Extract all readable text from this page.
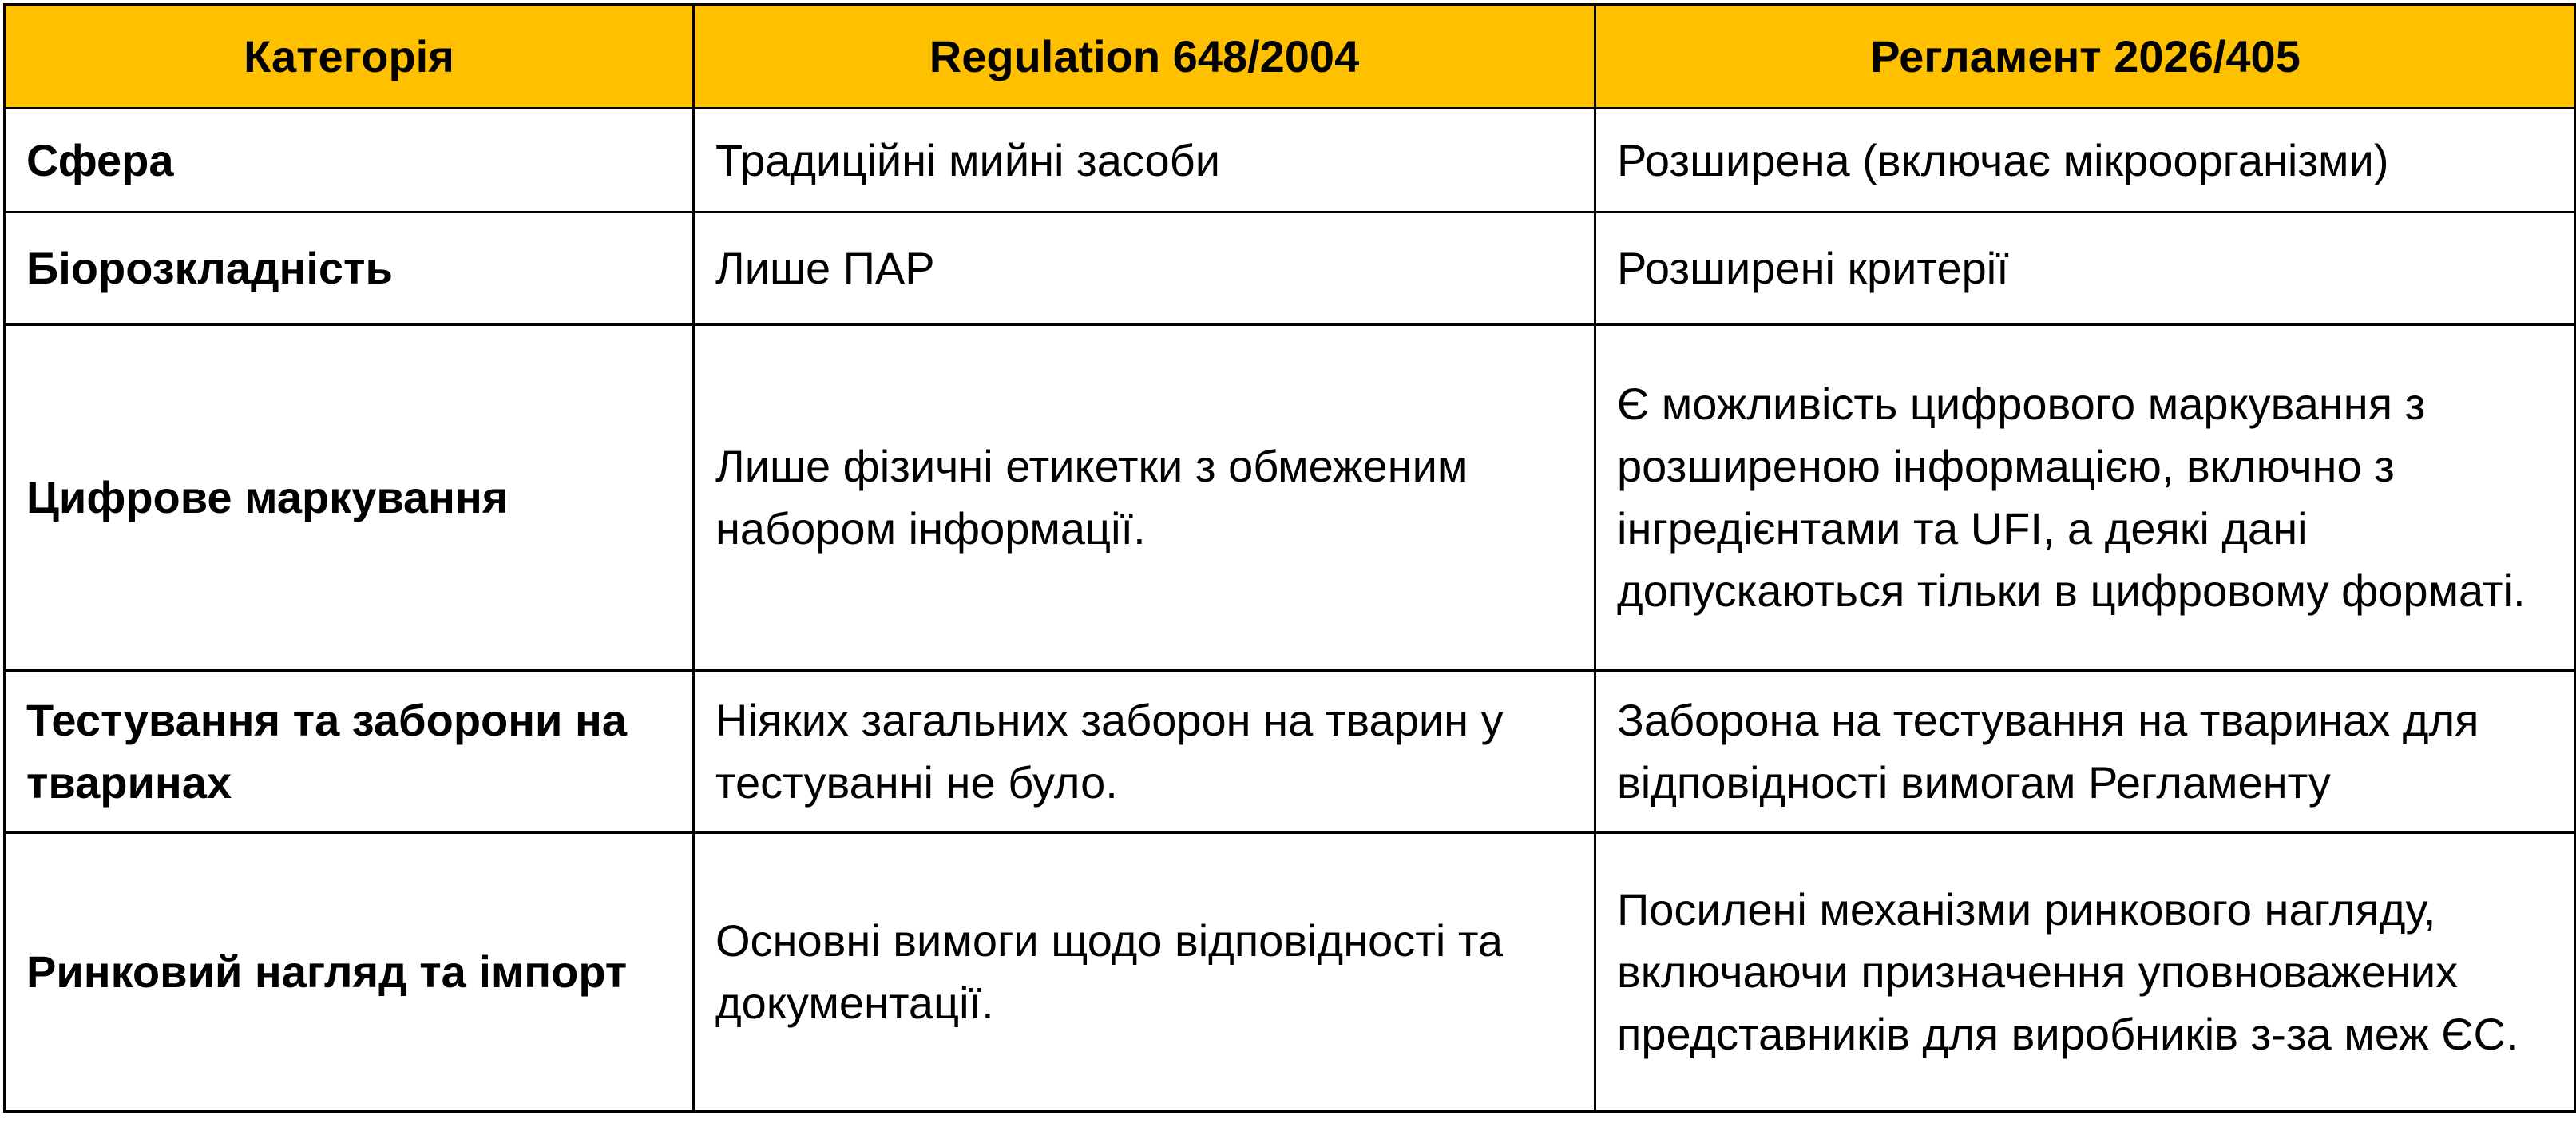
Категорія	Regulation 648/2004	Регламент 2026/405
Сфера	Традиційні мийні засоби	Розширена (включає мікроорганізми)
Біорозкладність	Лише ПАР	Розширені критерії
Цифрове маркування	Лише фізичні етикетки з обмеженим набором інформації.	Є можливість цифрового маркування з розширеною інформацією, включно з інгредієнтами та UFI, а деякі дані допускаються тільки в цифровому форматі.
Тестування та заборони на тваринах	Ніяких загальних заборон на тварин у тестуванні не було.	Заборона на тестування на тваринах для відповідності вимогам Регламенту
Ринковий нагляд та імпорт	Основні вимоги щодо відповідності та документації.	Посилені механізми ринкового нагляду, включаючи призначення уповноважених представників для виробників з-за меж ЄС.
